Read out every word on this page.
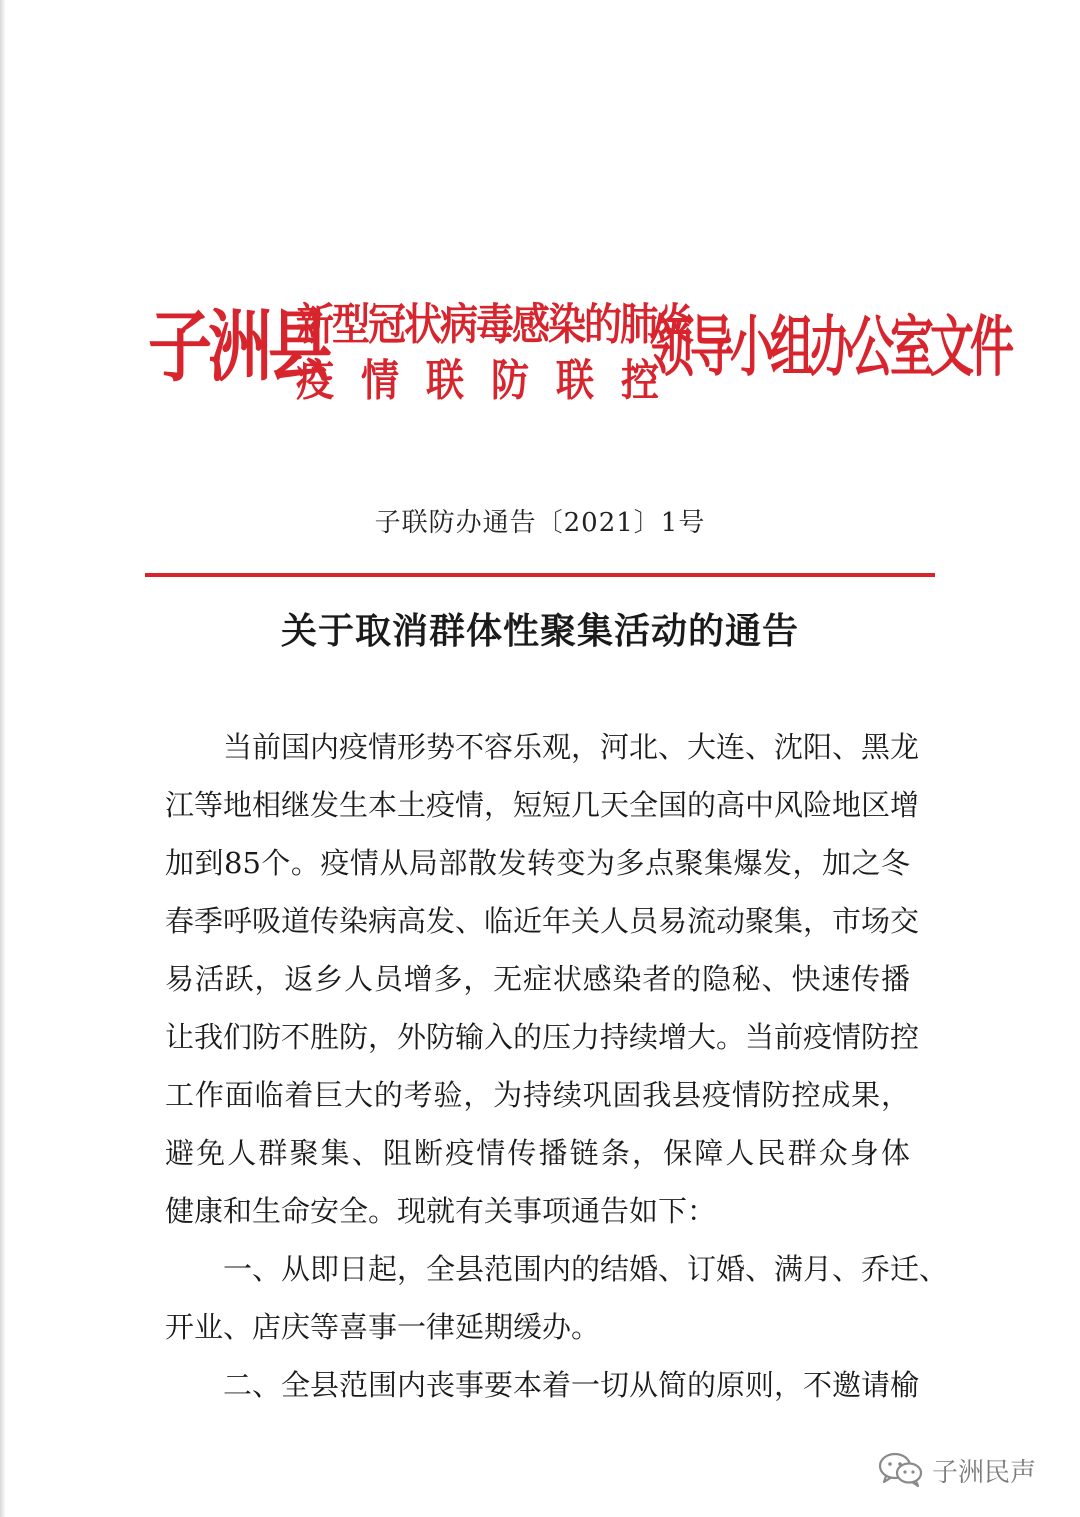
子洲县
新型冠状病毒感染的肺炎
疫情联防联控
领导小组办公室文件
子联防办通告〔2021〕1号
关于取消群体性聚集活动的通告
当前国内疫情形势不容乐观，河北、大连、沈阳、黑龙
江等地相继发生本土疫情，短短几天全国的高中风险地区增
加到85个。疫情从局部散发转变为多点聚集爆发，加之冬
春季呼吸道传染病高发、临近年关人员易流动聚集，市场交
易活跃，返乡人员增多，无症状感染者的隐秘、快速传播
让我们防不胜防，外防输入的压力持续增大。当前疫情防控
工作面临着巨大的考验，为持续巩固我县疫情防控成果，
避免人群聚集、阻断疫情传播链条，保障人民群众身体
健康和生命安全。现就有关事项通告如下：
一、从即日起，全县范围内的结婚、订婚、满月、乔迁、
开业、店庆等喜事一律延期缓办。
二、全县范围内丧事要本着一切从简的原则，不邀请榆
子洲民声
